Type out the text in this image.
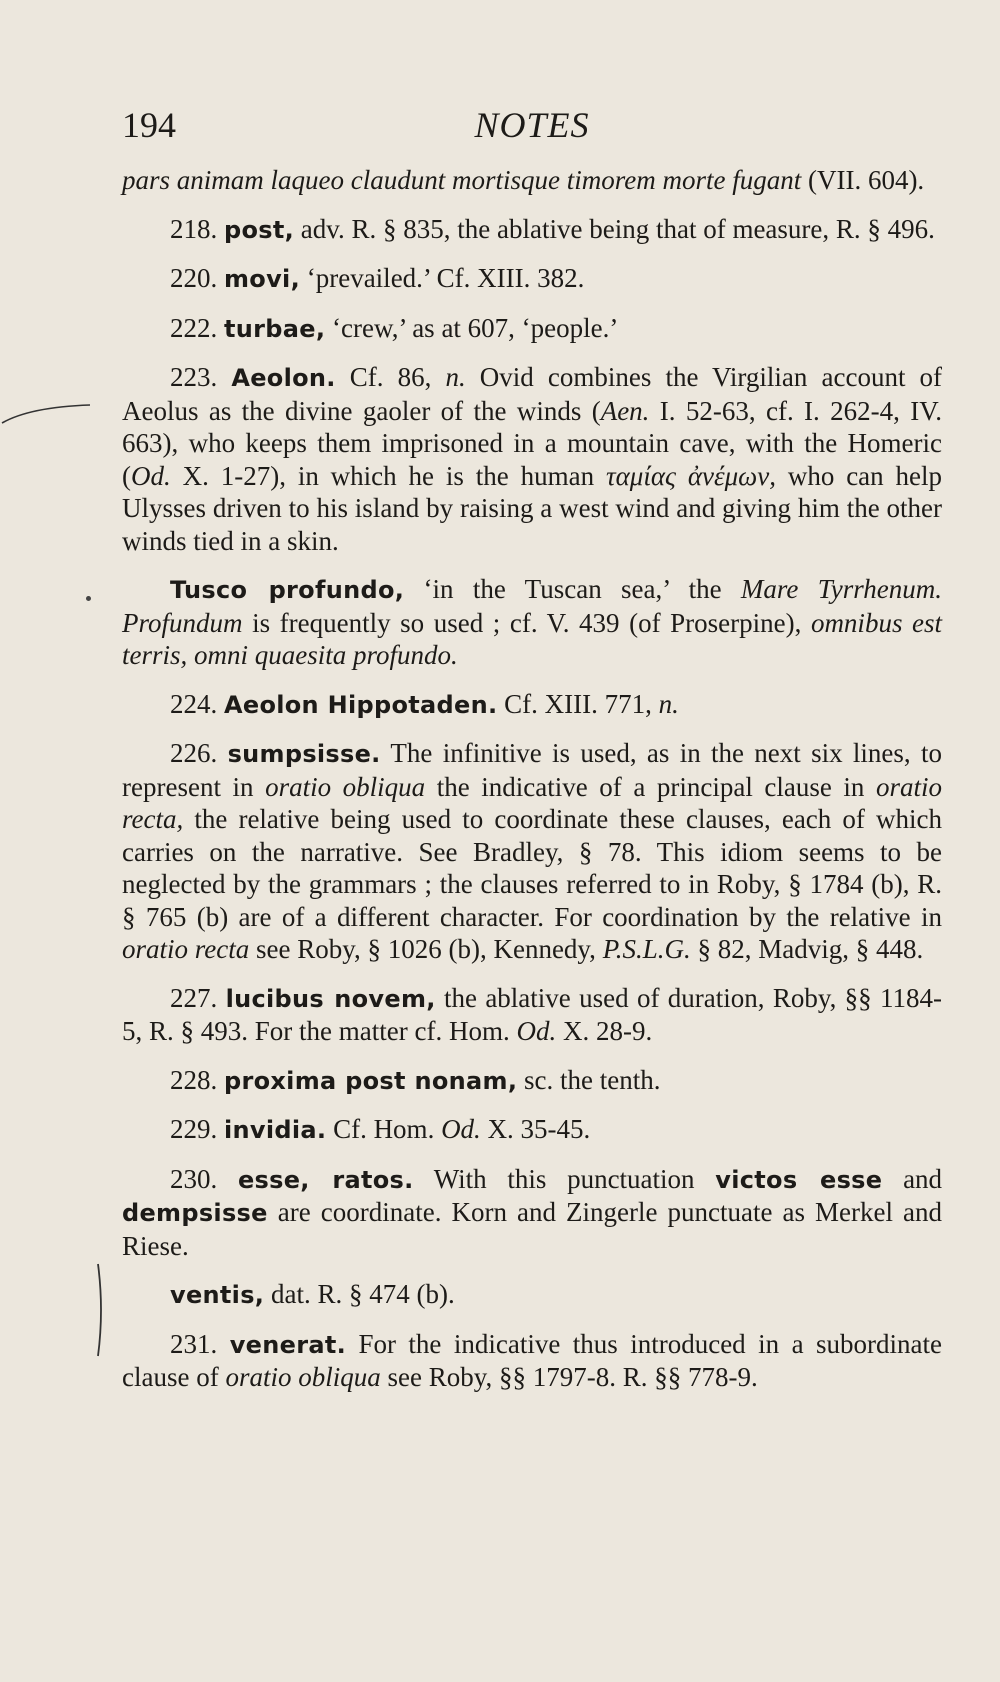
194	NOTES

pars animam laqueo claudunt mortisque timorem morte fugant (VII. 604).

218. post, adv. R. § 835, the ablative being that of measure, R. § 496.

220. movi, ‘prevailed.’ Cf. XIII. 382.

222. turbae, ‘crew,’ as at 607, ‘people.’

223. Aeolon. Cf. 86, n. Ovid combines the Virgilian account of Aeolus as the divine gaoler of the winds (Aen. I. 52-63, cf. I. 262-4, IV. 663), who keeps them imprisoned in a mountain cave, with the Homeric (Od. X. 1-27), in which he is the human ταμίας ἀνέμων, who can help Ulysses driven to his island by raising a west wind and giving him the other winds tied in a skin.

Tusco profundo, ‘in the Tuscan sea,’ the Mare Tyrrhenum. Profundum is frequently so used ; cf. V. 439 (of Proserpine), omnibus est terris, omni quaesita profundo.

224. Aeolon Hippotaden. Cf. XIII. 771, n.

226. sumpsisse. The infinitive is used, as in the next six lines, to represent in oratio obliqua the indicative of a principal clause in oratio recta, the relative being used to coordinate these clauses, each of which carries on the narrative. See Bradley, § 78. This idiom seems to be neglected by the grammars ; the clauses referred to in Roby, § 1784 (b), R. § 765 (b) are of a different character. For coordination by the relative in oratio recta see Roby, § 1026 (b), Kennedy, P.S.L.G. § 82, Madvig, § 448.

227. lucibus novem, the ablative used of duration, Roby, §§ 1184-5, R. § 493. For the matter cf. Hom. Od. X. 28-9.

228. proxima post nonam, sc. the tenth.

229. invidia. Cf. Hom. Od. X. 35-45.

230. esse, ratos. With this punctuation victos esse and dempsisse are coordinate. Korn and Zingerle punctuate as Merkel and Riese.

ventis, dat. R. § 474 (b).

231. venerat. For the indicative thus introduced in a subordinate clause of oratio obliqua see Roby, §§ 1797-8. R. §§ 778-9.
